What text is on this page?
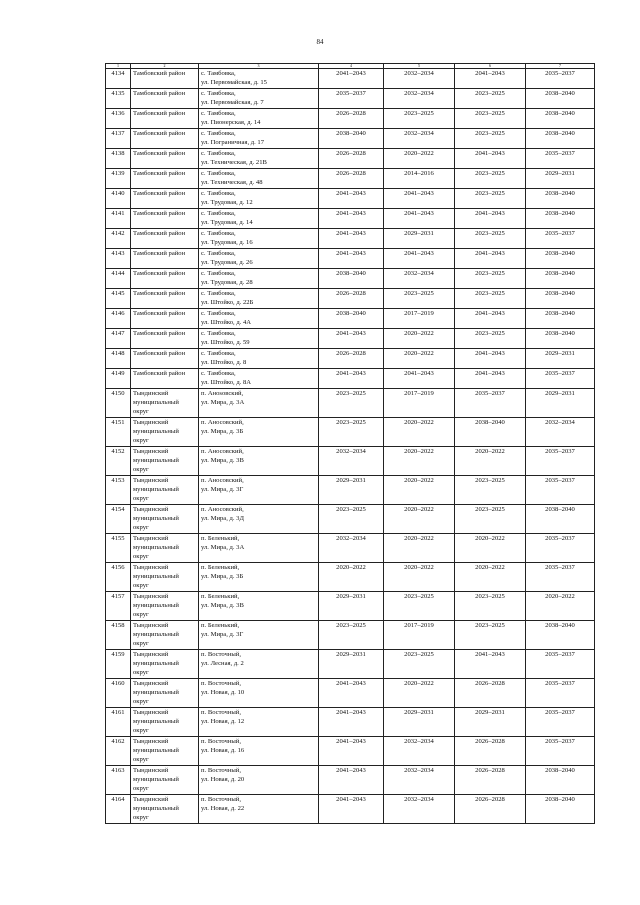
84
1	2	3	4	5	6	7
4134	Тамбовский район	с. Тамбовка,
ул. Первомайская, д. 15	2041–2043	2032–2034	2041–2043	2035–2037
4135	Тамбовский район	с. Тамбовка,
ул. Первомайская, д. 7	2035–2037	2032–2034	2023–2025	2038–2040
4136	Тамбовский район	с. Тамбовка,
ул. Пионерская, д. 14	2026–2028	2023–2025	2023–2025	2038–2040
4137	Тамбовский район	с. Тамбовка,
ул. Пограничная, д. 17	2038–2040	2032–2034	2023–2025	2038–2040
4138	Тамбовский район	с. Тамбовка,
ул. Техническая, д. 21В	2026–2028	2020–2022	2041–2043	2035–2037
4139	Тамбовский район	с. Тамбовка,
ул. Техническая, д. 48	2026–2028	2014–2016	2023–2025	2029–2031
4140	Тамбовский район	с. Тамбовка,
ул. Трудовая, д. 12	2041–2043	2041–2043	2023–2025	2038–2040
4141	Тамбовский район	с. Тамбовка,
ул. Трудовая, д. 14	2041–2043	2041–2043	2041–2043	2038–2040
4142	Тамбовский район	с. Тамбовка,
ул. Трудовая, д. 16	2041–2043	2029–2031	2023–2025	2035–2037
4143	Тамбовский район	с. Тамбовка,
ул. Трудовая, д. 26	2041–2043	2041–2043	2041–2043	2038–2040
4144	Тамбовский район	с. Тамбовка,
ул. Трудовая, д. 28	2038–2040	2032–2034	2023–2025	2038–2040
4145	Тамбовский район	с. Тамбовка,
ул. Штойко, д. 22Б	2026–2028	2023–2025	2023–2025	2038–2040
4146	Тамбовский район	с. Тамбовка,
ул. Штойко, д. 4А	2038–2040	2017–2019	2041–2043	2038–2040
4147	Тамбовский район	с. Тамбовка,
ул. Штойко, д. 59	2041–2043	2020–2022	2023–2025	2038–2040
4148	Тамбовский район	с. Тамбовка,
ул. Штойко, д. 8	2026–2028	2020–2022	2041–2043	2029–2031
4149	Тамбовский район	с. Тамбовка,
ул. Штойко, д. 8А	2041–2043	2041–2043	2041–2043	2035–2037
4150	Тындинский
муниципальный
округ	п. Анosовский,
ул. Мира, д. 3А	2023–2025	2017–2019	2035–2037	2029–2031
4151	Тындинский
муниципальный
округ	п. Аносовский,
ул. Мира, д. 3Б	2023–2025	2020–2022	2038–2040	2032–2034
4152	Тындинский
муниципальный
округ	п. Аносовский,
ул. Мира, д. 3В	2032–2034	2020–2022	2020–2022	2035–2037
4153	Тындинский
муниципальный
округ	п. Аносовский,
ул. Мира, д. 3Г	2029–2031	2020–2022	2023–2025	2035–2037
4154	Тындинский
муниципальный
округ	п. Аносовский,
ул. Мира, д. 3Д	2023–2025	2020–2022	2023–2025	2038–2040
4155	Тындинский
муниципальный
округ	п. Беленький,
ул. Мира, д. 3А	2032–2034	2020–2022	2020–2022	2035–2037
4156	Тындинский
муниципальный
округ	п. Беленький,
ул. Мира, д. 3Б	2020–2022	2020–2022	2020–2022	2035–2037
4157	Тындинский
муниципальный
округ	п. Беленький,
ул. Мира, д. 3В	2029–2031	2023–2025	2023–2025	2020–2022
4158	Тындинский
муниципальный
округ	п. Беленький,
ул. Мира, д. 3Г	2023–2025	2017–2019	2023–2025	2038–2040
4159	Тындинский
муниципальный
округ	п. Восточный,
ул. Лесная, д. 2	2029–2031	2023–2025	2041–2043	2035–2037
4160	Тындинский
муниципальный
округ	п. Восточный,
ул. Новая, д. 10	2041–2043	2020–2022	2026–2028	2035–2037
4161	Тындинский
муниципальный
округ	п. Восточный,
ул. Новая, д. 12	2041–2043	2029–2031	2029–2031	2035–2037
4162	Тындинский
муниципальный
округ	п. Восточный,
ул. Новая, д. 16	2041–2043	2032–2034	2026–2028	2035–2037
4163	Тындинский
муниципальный
округ	п. Восточный,
ул. Новая, д. 20	2041–2043	2032–2034	2026–2028	2038–2040
4164	Тындинский
муниципальный
округ	п. Восточный,
ул. Новая, д. 22	2041–2043	2032–2034	2026–2028	2038–2040
